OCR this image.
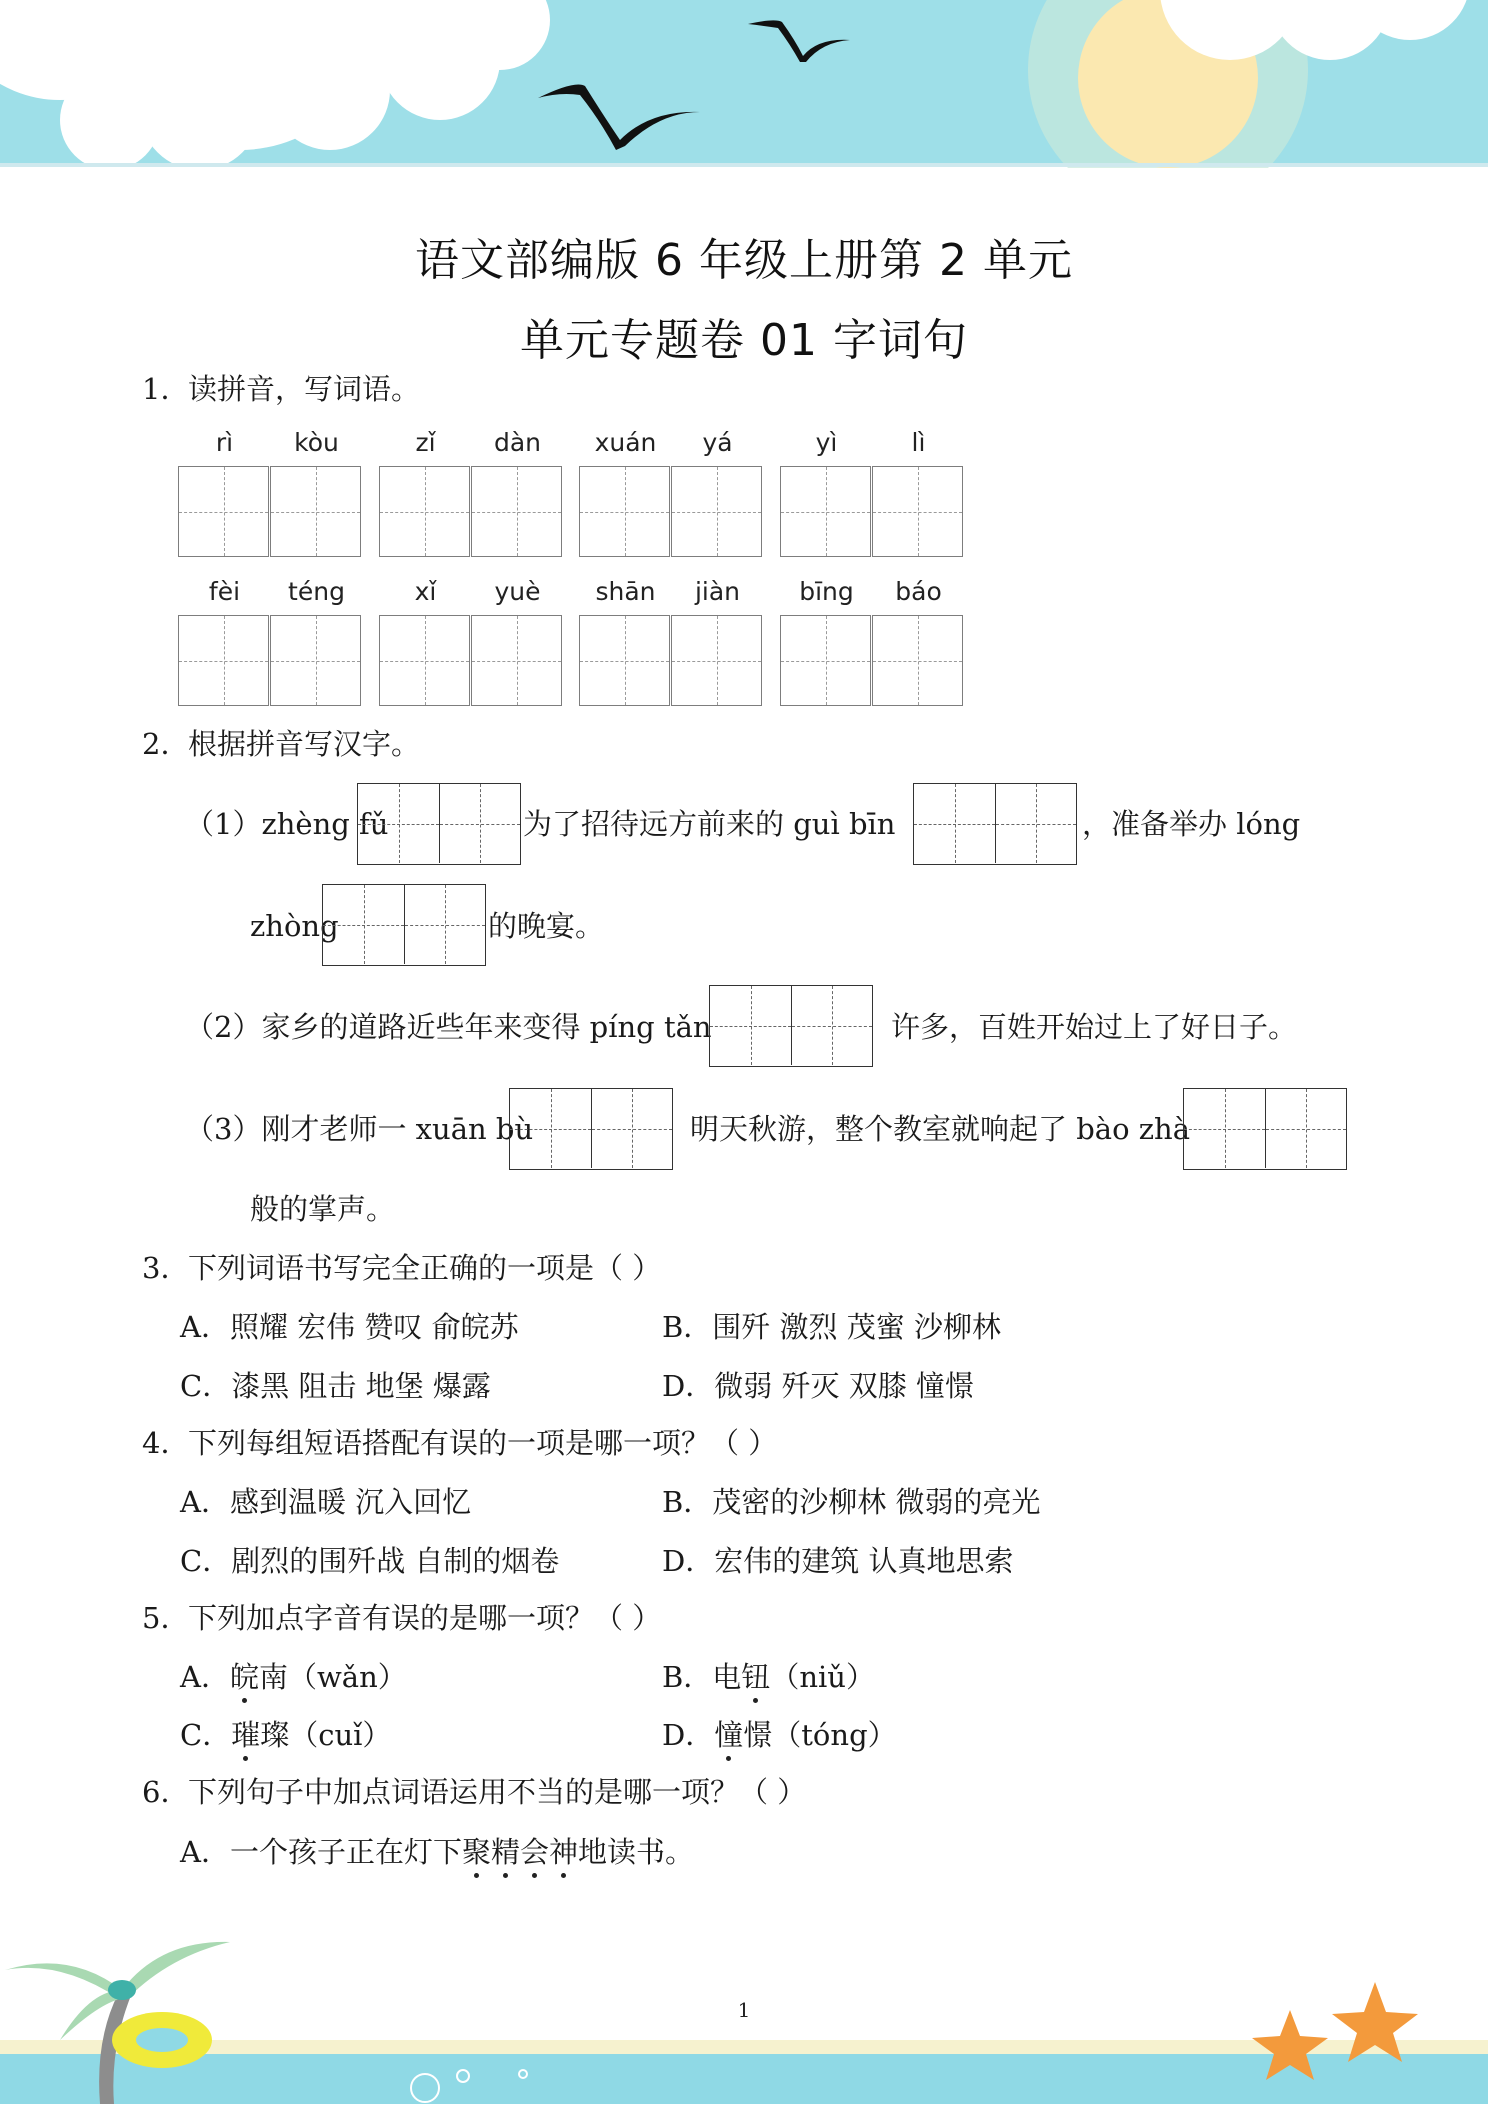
语文部编版 6 年级上册第 2 单元
单元专题卷 01 字词句
1．读拼音，写词语。
rì	kòu	zǐ	dàn	xuán	yá	yì	lì
fèi	téng	xǐ	yuè	shān	jiàn	bīng	báo
2．根据拼音写汉字。
（1）zhèng fǔ	为了招待远方前来的 guì bīn	，准备举办 lóng
zhòng	的晚宴。
（2）家乡的道路近些年来变得 píng tǎn	许多，百姓开始过上了好日子。
（3）刚才老师一 xuān bù	明天秋游，整个教室就响起了 bào zhà
般的掌声。
3．下列词语书写完全正确的一项是（ ）
A．照耀 宏伟 赞叹 俞皖苏	B．围歼 激烈 茂蜜 沙柳林
C．漆黑 阻击 地堡 爆露	D．微弱 歼灭 双膝 憧憬
4．下列每组短语搭配有误的一项是哪一项？（ ）
A．感到温暖 沉入回忆	B．茂密的沙柳林 微弱的亮光
C．剧烈的围歼战 自制的烟卷	D．宏伟的建筑 认真地思索
5．下列加点字音有误的是哪一项？（ ）
A．皖南（wǎn）	B．电钮（niǔ）
C．璀璨（cuǐ）	D．憧憬（tóng）
6．下列句子中加点词语运用不当的是哪一项？（ ）
A．一个孩子正在灯下聚精会神地读书。
1
